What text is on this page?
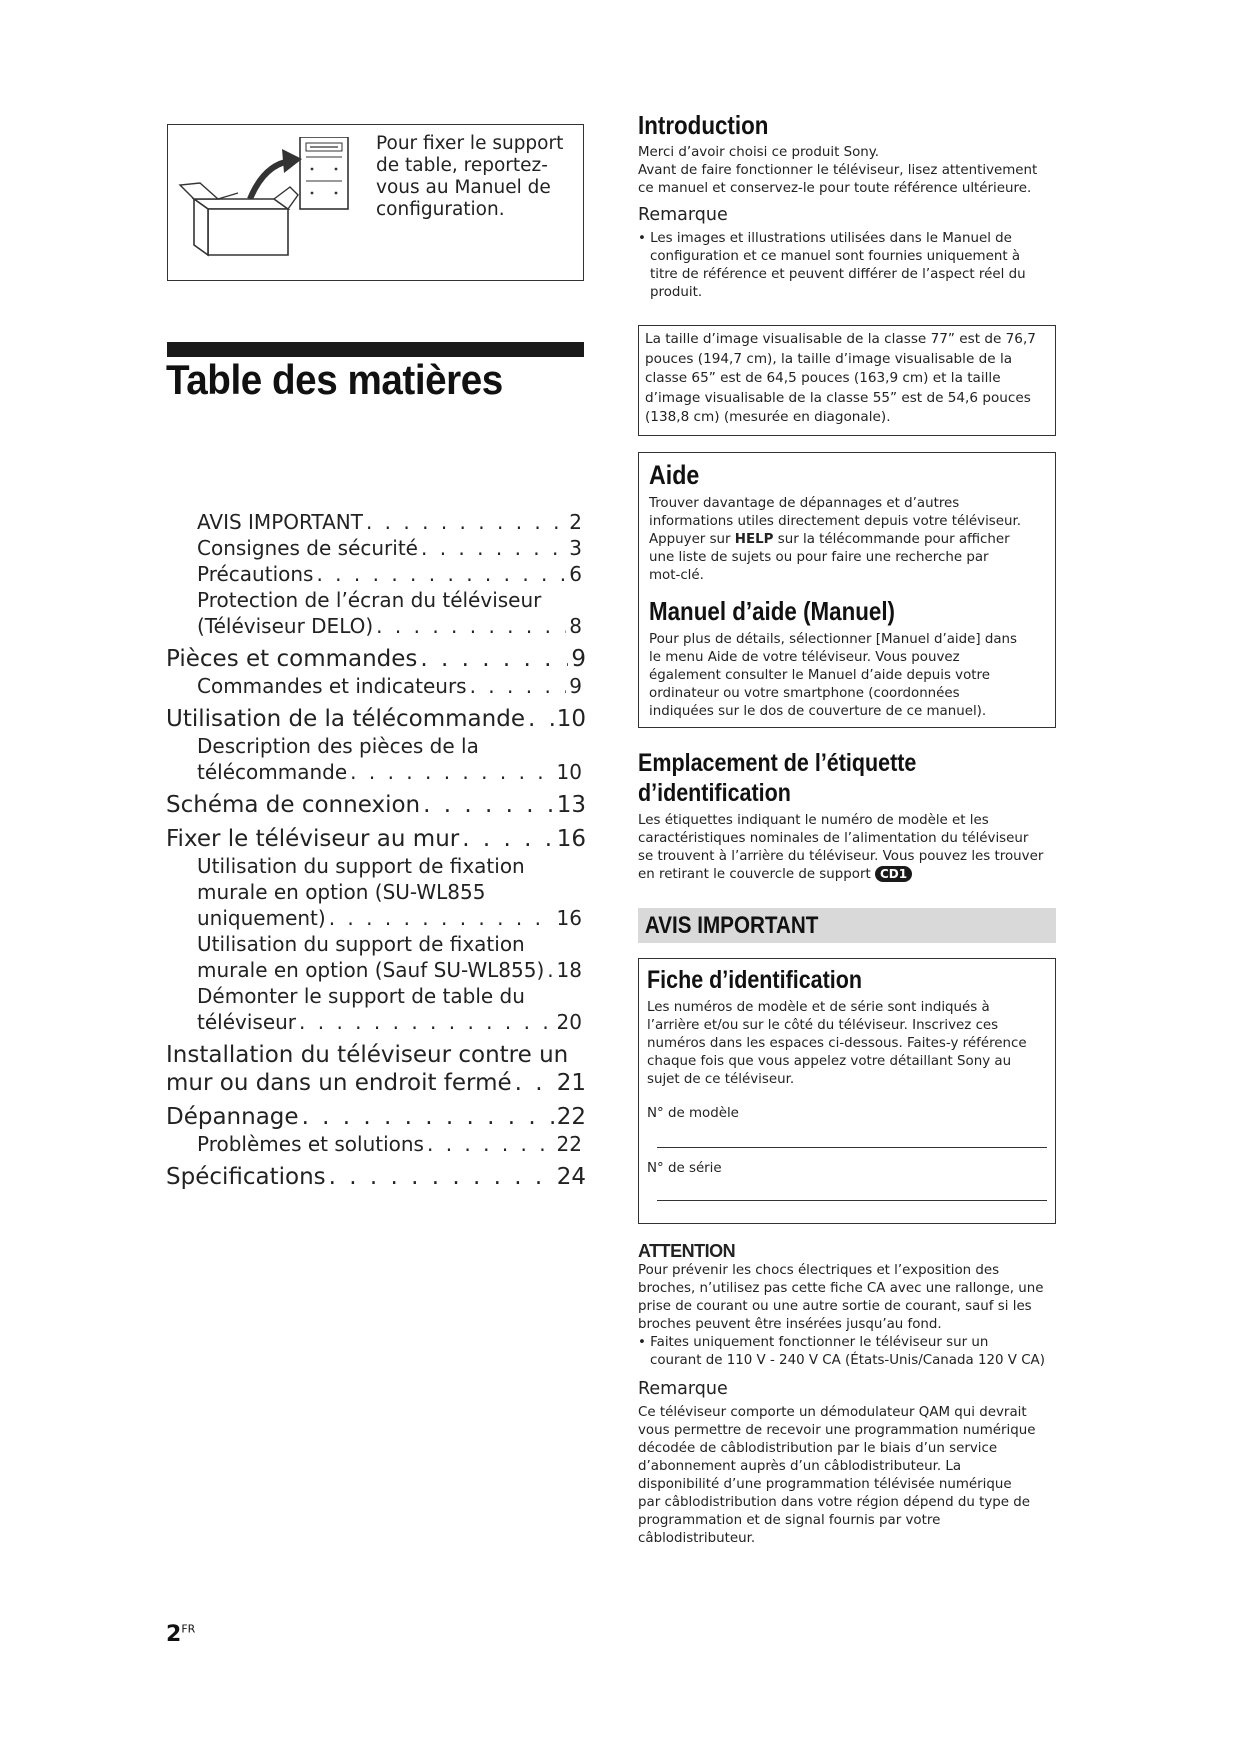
Pour fixer le support
de table, reportez-
vous au Manuel de
configuration.
Table des matières
AVIS IMPORTANT . . .	2
Consignes de sécurité . . .	3
Précautions . . .	6
Protection de l’écran du téléviseur
(Téléviseur DELO) . . .	8
Pièces et commandes . . .	9
Commandes et indicateurs . . .	9
Utilisation de la télécommande . . . 10
Description des pièces de la
télécommande . . .	10
Schéma de connexion . . .	13
Fixer le téléviseur au mur . . .	16
Utilisation du support de fixation
murale en option (SU-WL855
uniquement) . . .	16
Utilisation du support de fixation
murale en option (Sauf SU-WL855) . . . 18
Démonter le support de table du
téléviseur . . .	20
Installation du téléviseur contre un
mur ou dans un endroit fermé . . . 21
Dépannage . . .	22
Problèmes et solutions . . .	22
Spécifications . . .	24
$2^{FR}$
Introduction
Merci d’avoir choisi ce produit Sony.
Avant de faire fonctionner le téléviseur, lisez attentivement
ce manuel et conservez-le pour toute référence ultérieure.
Remarque
• Les images et illustrations utilisées dans le Manuel de
configuration et ce manuel sont fournies uniquement à
titre de référence et peuvent différer de l’aspect réel du
produit.
La taille d’image visualisable de la classe 77” est de 76,7
pouces (194,7 cm), la taille d’image visualisable de la
classe 65” est de 64,5 pouces (163,9 cm) et la taille
d’image visualisable de la classe 55” est de 54,6 pouces
(138,8 cm) (mesurée en diagonale).
Aide
Trouver davantage de dépannages et d’autres
informations utiles directement depuis votre téléviseur.
Appuyer sur HELP sur la télécommande pour afficher
une liste de sujets ou pour faire une recherche par
mot-clé.
Manuel d’aide (Manuel)
Pour plus de détails, sélectionner [Manuel d’aide] dans
le menu Aide de votre téléviseur. Vous pouvez
également consulter le Manuel d’aide depuis votre
ordinateur ou votre smartphone (coordonnées
indiquées sur le dos de couverture de ce manuel).
Emplacement de l’étiquette
d’identification
Les étiquettes indiquant le numéro de modèle et les
caractéristiques nominales de l’alimentation du téléviseur
se trouvent à l’arrière du téléviseur. Vous pouvez les trouver
en retirant le couvercle de support CD1
AVIS IMPORTANT
Fiche d’identification
Les numéros de modèle et de série sont indiqués à
l’arrière et/ou sur le côté du téléviseur. Inscrivez ces
numéros dans les espaces ci-dessous. Faites-y référence
chaque fois que vous appelez votre détaillant Sony au
sujet de ce téléviseur.
N° de modèle
N° de série
ATTENTION
Pour prévenir les chocs électriques et l’exposition des
broches, n’utilisez pas cette fiche CA avec une rallonge, une
prise de courant ou une autre sortie de courant, sauf si les
broches peuvent être insérées jusqu’au fond.
• Faites uniquement fonctionner le téléviseur sur un
courant de 110 V - 240 V CA (États-Unis/Canada 120 V CA)
Remarque
Ce téléviseur comporte un démodulateur QAM qui devrait
vous permettre de recevoir une programmation numérique
décodée de câblodistribution par le biais d’un service
d’abonnement auprès d’un câblodistributeur. La
disponibilité d’une programmation télévisée numérique
par câblodistribution dans votre région dépend du type de
programmation et de signal fournis par votre
câblodistributeur.
